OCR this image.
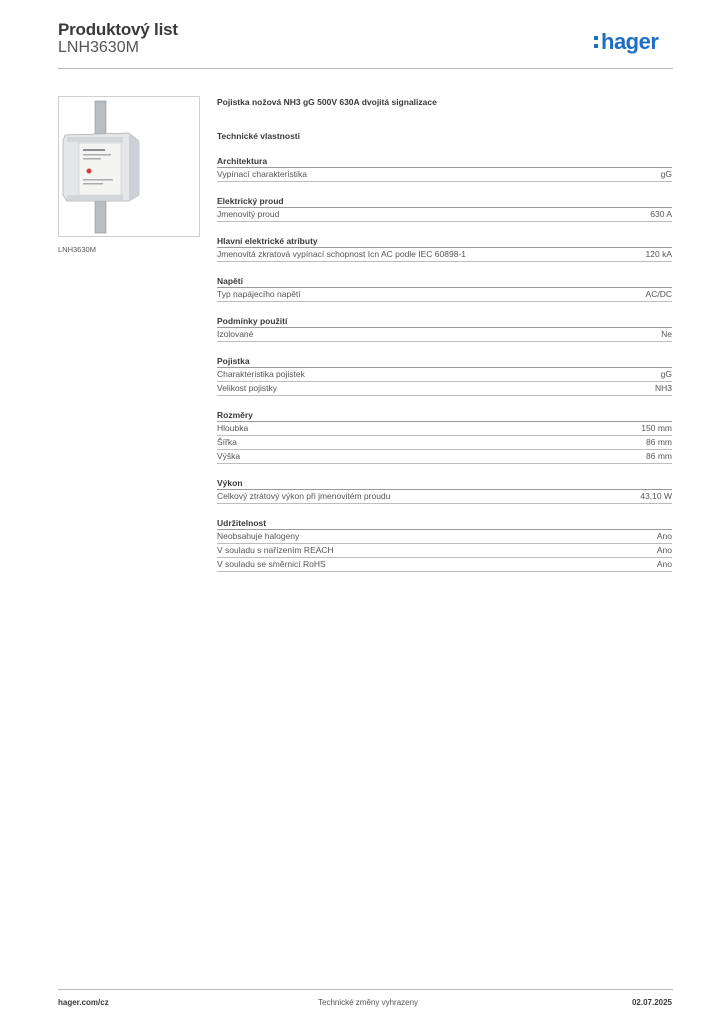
Produktový list
LNH3630M	hager
LNH3630M
Pojistka nožová NH3 gG 500V 630A dvojitá signalizace
Technické vlastnosti
Architektura
Vypínací charakteristika	gG
Elektrický proud
Jmenovitý proud	630 A
Hlavní elektrické atributy
Jmenovitá zkratová vypínací schopnost Icn AC podle IEC 60898-1	120 kA
Napětí
Typ napájecího napětí	AC/DC
Podmínky použití
Izolované	Ne
Pojistka
Charakteristika pojistek	gG
Velikost pojistky	NH3
Rozměry
Hloubka	150 mm
Šířka	86 mm
Výška	86 mm
Výkon
Celkový ztrátový výkon při jmenovitém proudu	43,10 W
Udržitelnost
Neobsahuje halogeny	Ano
V souladu s nařízením REACH	Ano
V souladu se směrnicí RoHS	Ano
hager.com/cz	Technické změny vyhrazeny	02.07.2025
